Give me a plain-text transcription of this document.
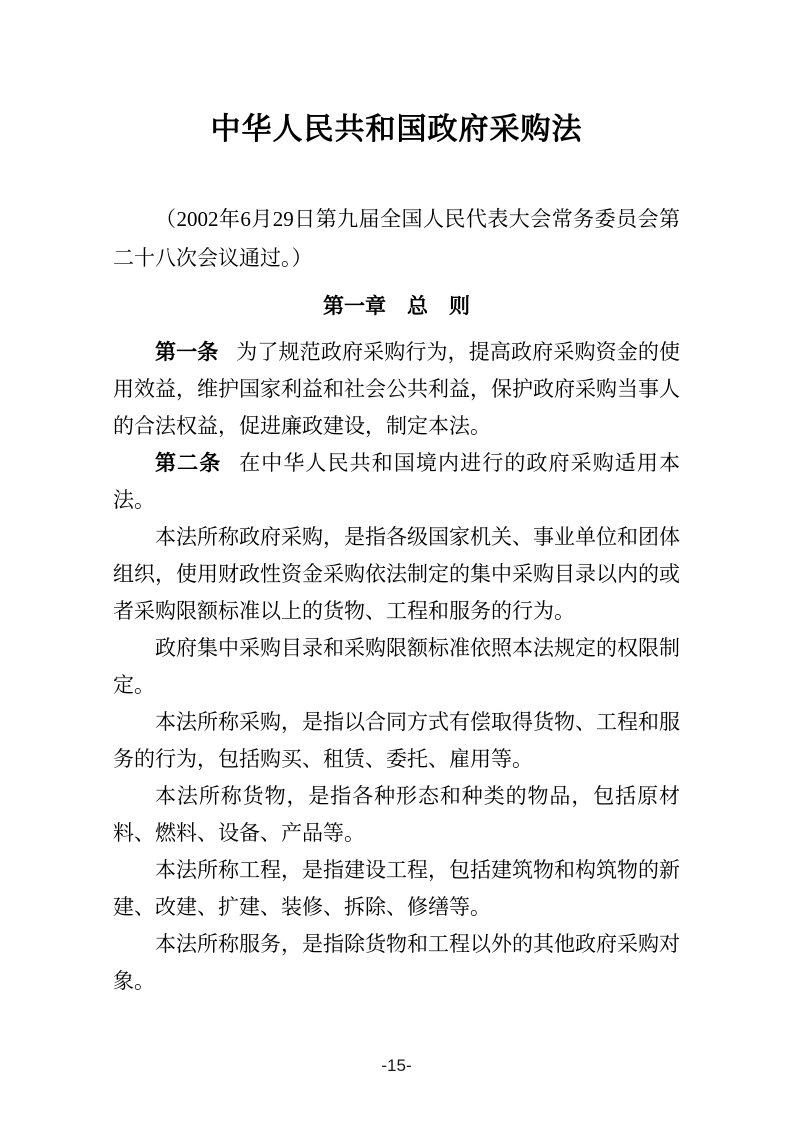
中华人民共和国政府采购法

（2002年6月29日第九届全国人民代表大会常务委员会第二十八次会议通过。）

第一章　总　则

第一条 为了规范政府采购行为，提高政府采购资金的使用效益，维护国家利益和社会公共利益，保护政府采购当事人的合法权益，促进廉政建设，制定本法。

第二条 在中华人民共和国境内进行的政府采购适用本法。

本法所称政府采购，是指各级国家机关、事业单位和团体组织，使用财政性资金采购依法制定的集中采购目录以内的或者采购限额标准以上的货物、工程和服务的行为。

政府集中采购目录和采购限额标准依照本法规定的权限制定。

本法所称采购，是指以合同方式有偿取得货物、工程和服务的行为，包括购买、租赁、委托、雇用等。

本法所称货物，是指各种形态和种类的物品，包括原材料、燃料、设备、产品等。

本法所称工程，是指建设工程，包括建筑物和构筑物的新建、改建、扩建、装修、拆除、修缮等。

本法所称服务，是指除货物和工程以外的其他政府采购对象。

-15-
